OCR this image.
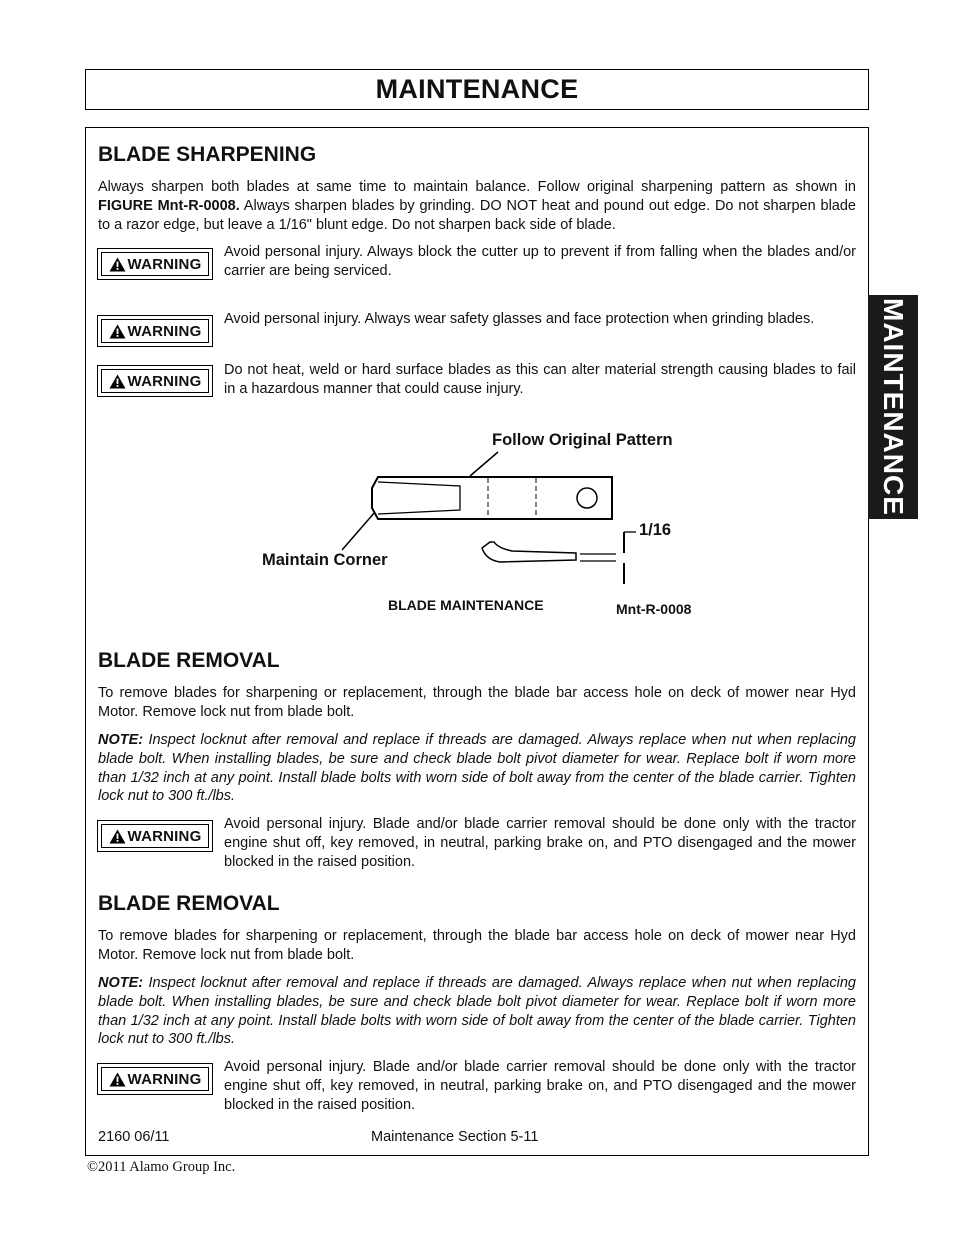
MAINTENANCE
MAINTENANCE
BLADE SHARPENING
Always sharpen both blades at same time to maintain balance. Follow original sharpening pattern as shown in FIGURE Mnt-R-0008. Always sharpen blades by grinding. DO NOT heat and pound out edge. Do not sharpen blade to a razor edge, but leave a 1/16" blunt edge. Do not sharpen back side of blade.
WARNING
Avoid personal injury. Always block the cutter up to prevent if from falling when the blades and/or carrier are being serviced.
WARNING
Avoid personal injury. Always wear safety glasses and face protection when grinding blades.
WARNING
Do not heat, weld or hard surface blades as this can alter material strength causing blades to fail in a hazardous manner that could cause injury.
Follow Original Pattern
Maintain Corner
1/16
BLADE MAINTENANCE	Mnt-R-0008
BLADE REMOVAL
To remove blades for sharpening or replacement, through the blade bar access hole on deck of mower near Hyd Motor. Remove lock nut from blade bolt.
NOTE: Inspect locknut after removal and replace if threads are damaged. Always replace when nut when replacing blade bolt. When installing blades, be sure and check blade bolt pivot diameter for wear. Replace bolt if worn more than 1/32 inch at any point. Install blade bolts with worn side of bolt away from the center of the blade carrier. Tighten lock nut to 300 ft./lbs.
WARNING
Avoid personal injury. Blade and/or blade carrier removal should be done only with the tractor engine shut off, key removed, in neutral, parking brake on, and PTO disengaged and the mower blocked in the raised position.
BLADE REMOVAL
To remove blades for sharpening or replacement, through the blade bar access hole on deck of mower near Hyd Motor. Remove lock nut from blade bolt.
NOTE: Inspect locknut after removal and replace if threads are damaged. Always replace when nut when replacing blade bolt. When installing blades, be sure and check blade bolt pivot diameter for wear. Replace bolt if worn more than 1/32 inch at any point. Install blade bolts with worn side of bolt away from the center of the blade carrier. Tighten lock nut to 300 ft./lbs.
WARNING
Avoid personal injury. Blade and/or blade carrier removal should be done only with the tractor engine shut off, key removed, in neutral, parking brake on, and PTO disengaged and the mower blocked in the raised position.
2160 06/11	Maintenance Section 5-11
©2011 Alamo Group Inc.
